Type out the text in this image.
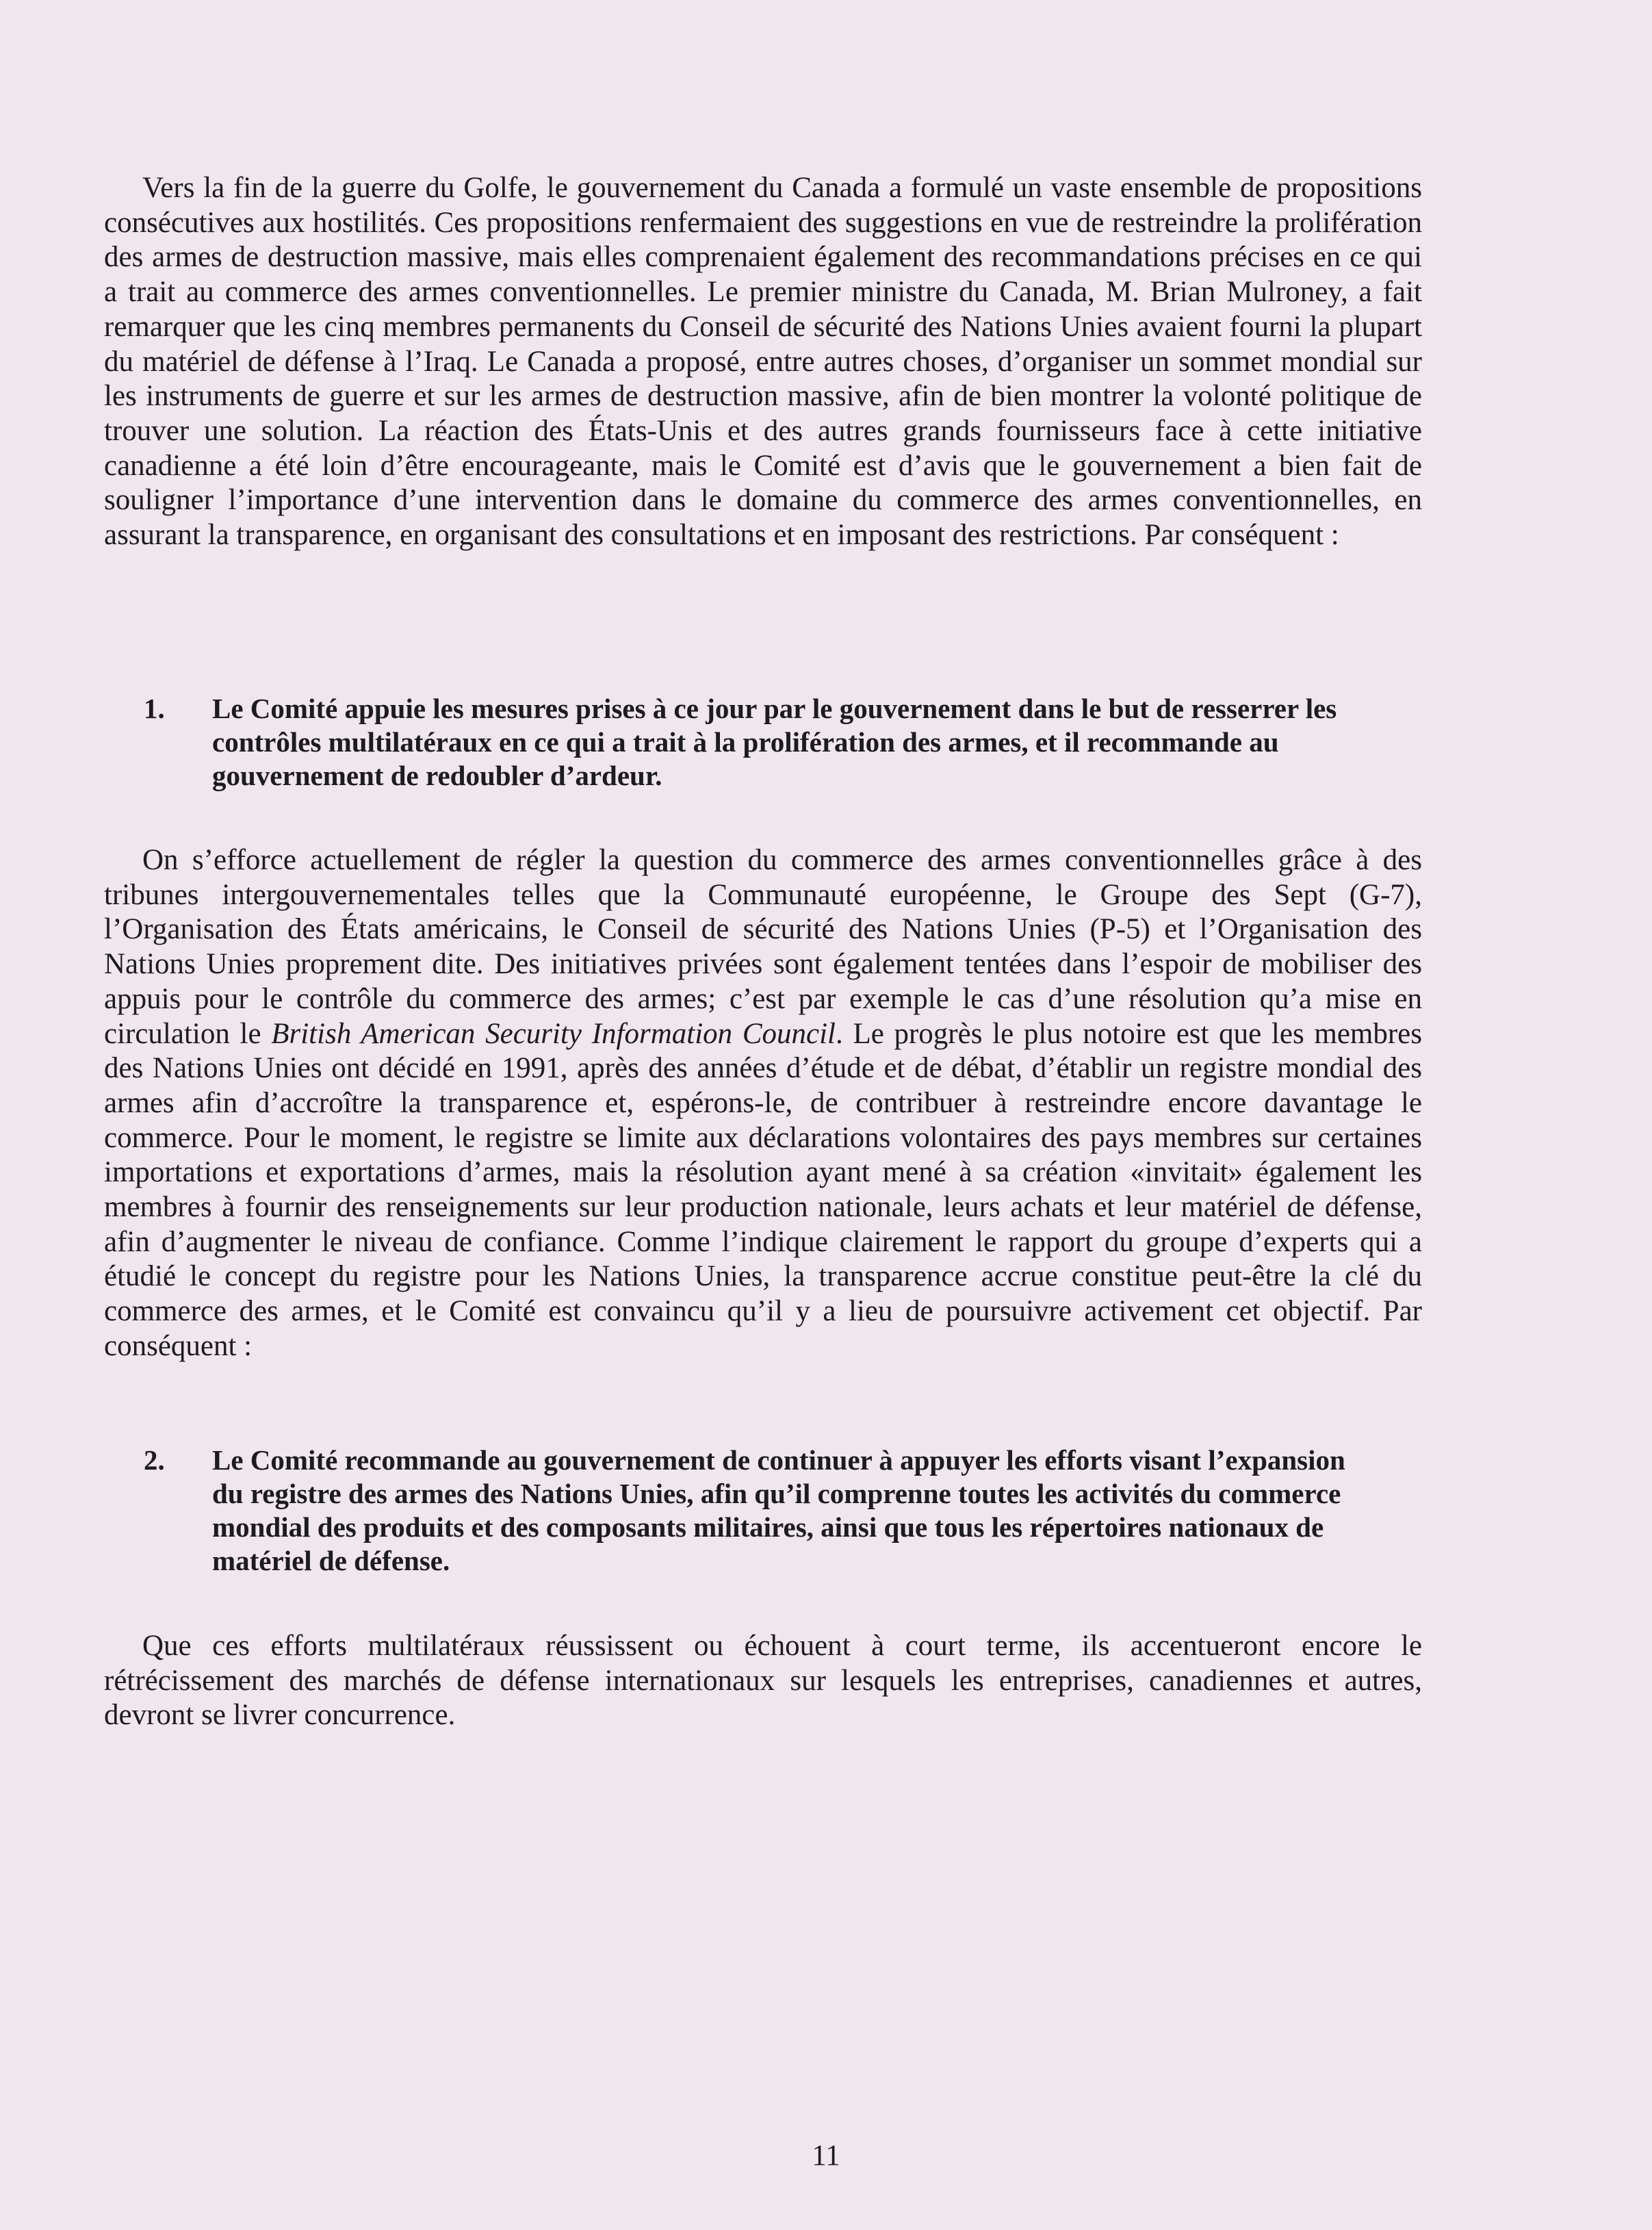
Vers la fin de la guerre du Golfe, le gouvernement du Canada a formulé un vaste ensemble de propositions consécutives aux hostilités. Ces propositions renfermaient des suggestions en vue de restreindre la prolifération des armes de destruction massive, mais elles comprenaient également des recommandations précises en ce qui a trait au commerce des armes conventionnelles. Le premier ministre du Canada, M. Brian Mulroney, a fait remarquer que les cinq membres permanents du Conseil de sécurité des Nations Unies avaient fourni la plupart du matériel de défense à l’Iraq. Le Canada a proposé, entre autres choses, d’organiser un sommet mondial sur les instruments de guerre et sur les armes de destruction massive, afin de bien montrer la volonté politique de trouver une solution. La réaction des États-Unis et des autres grands fournisseurs face à cette initiative canadienne a été loin d’être encourageante, mais le Comité est d’avis que le gouvernement a bien fait de souligner l’importance d’une intervention dans le domaine du commerce des armes conventionnelles, en assurant la transparence, en organisant des consultations et en imposant des restrictions. Par conséquent :

1.	Le Comité appuie les mesures prises à ce jour par le gouvernement dans le but de resserrer les contrôles multilatéraux en ce qui a trait à la prolifération des armes, et il recommande au gouvernement de redoubler d’ardeur.

On s’efforce actuellement de régler la question du commerce des armes conventionnelles grâce à des tribunes intergouvernementales telles que la Communauté européenne, le Groupe des Sept (G-7), l’Organisation des États américains, le Conseil de sécurité des Nations Unies (P-5) et l’Organisation des Nations Unies proprement dite. Des initiatives privées sont également tentées dans l’espoir de mobiliser des appuis pour le contrôle du commerce des armes; c’est par exemple le cas d’une résolution qu’a mise en circulation le British American Security Information Council. Le progrès le plus notoire est que les membres des Nations Unies ont décidé en 1991, après des années d’étude et de débat, d’établir un registre mondial des armes afin d’accroître la transparence et, espérons-le, de contribuer à restreindre encore davantage le commerce. Pour le moment, le registre se limite aux déclarations volontaires des pays membres sur certaines importations et exportations d’armes, mais la résolution ayant mené à sa création «invitait» également les membres à fournir des renseignements sur leur production nationale, leurs achats et leur matériel de défense, afin d’augmenter le niveau de confiance. Comme l’indique clairement le rapport du groupe d’experts qui a étudié le concept du registre pour les Nations Unies, la transparence accrue constitue peut-être la clé du commerce des armes, et le Comité est convaincu qu’il y a lieu de poursuivre activement cet objectif. Par conséquent :

2.	Le Comité recommande au gouvernement de continuer à appuyer les efforts visant l’expansion du registre des armes des Nations Unies, afin qu’il comprenne toutes les activités du commerce mondial des produits et des composants militaires, ainsi que tous les répertoires nationaux de matériel de défense.

Que ces efforts multilatéraux réussissent ou échouent à court terme, ils accentueront encore le rétrécissement des marchés de défense internationaux sur lesquels les entreprises, canadiennes et autres, devront se livrer concurrence.

11
